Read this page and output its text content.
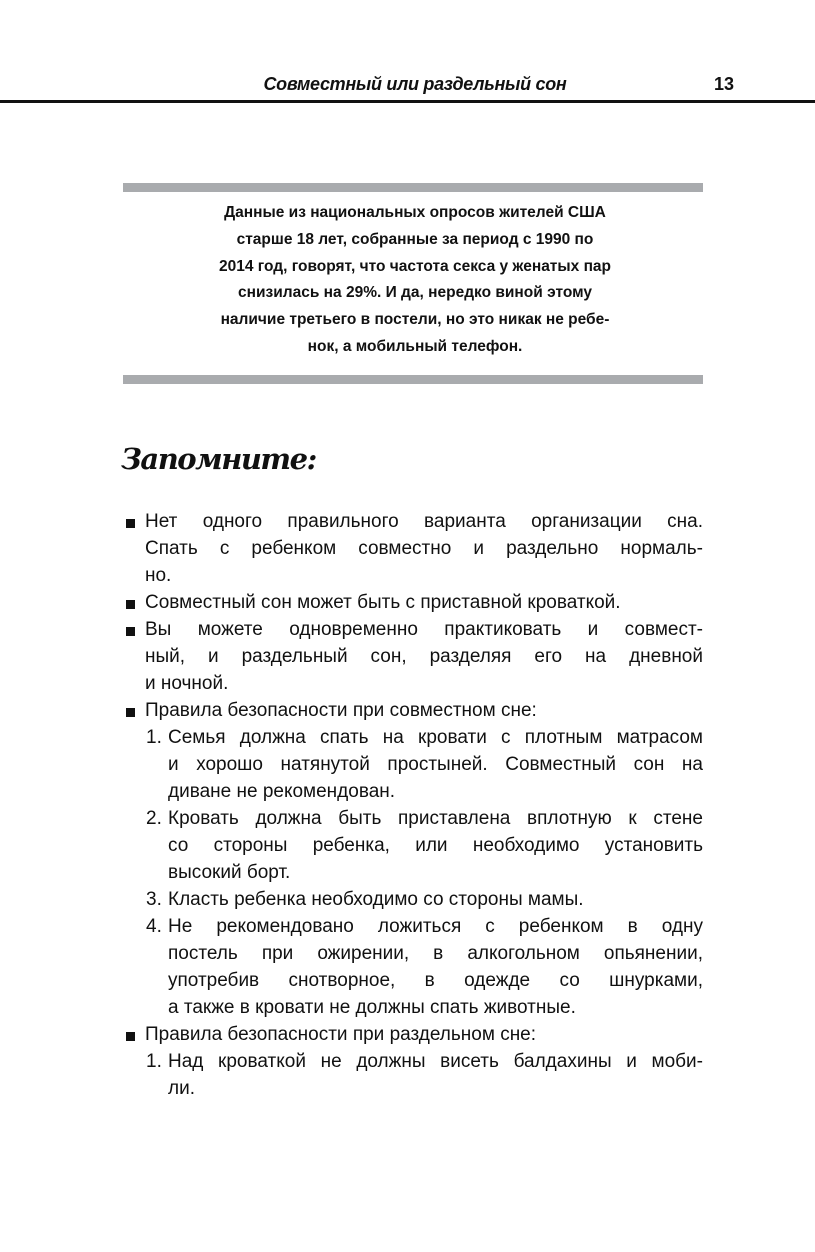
Совместный или раздельный сон	13
Данные из национальных опросов жителей США
старше 18 лет, собранные за период с 1990 по
2014 год, говорят, что частота секса у женатых пар
снизилась на 29%. И да, нередко виной этому
наличие третьего в постели, но это никак не ребе-
нок, а мобильный телефон.
Запомните:
Нет одного правильного варианта организации сна.
Спать с ребенком совместно и раздельно нормаль-
но.
Совместный сон может быть с приставной кроваткой.
Вы можете одновременно практиковать и совмест-
ный, и раздельный сон, разделяя его на дневной
и ночной.
Правила безопасности при совместном сне:
1. Семья должна спать на кровати с плотным матрасом
и хорошо натянутой простыней. Совместный сон на
диване не рекомендован.
2. Кровать должна быть приставлена вплотную к стене
со стороны ребенка, или необходимо установить
высокий борт.
3. Класть ребенка необходимо со стороны мамы.
4. Не рекомендовано ложиться с ребенком в одну
постель при ожирении, в алкогольном опьянении,
употребив снотворное, в одежде со шнурками,
а также в кровати не должны спать животные.
Правила безопасности при раздельном сне:
1. Над кроваткой не должны висеть балдахины и моби-
ли.
